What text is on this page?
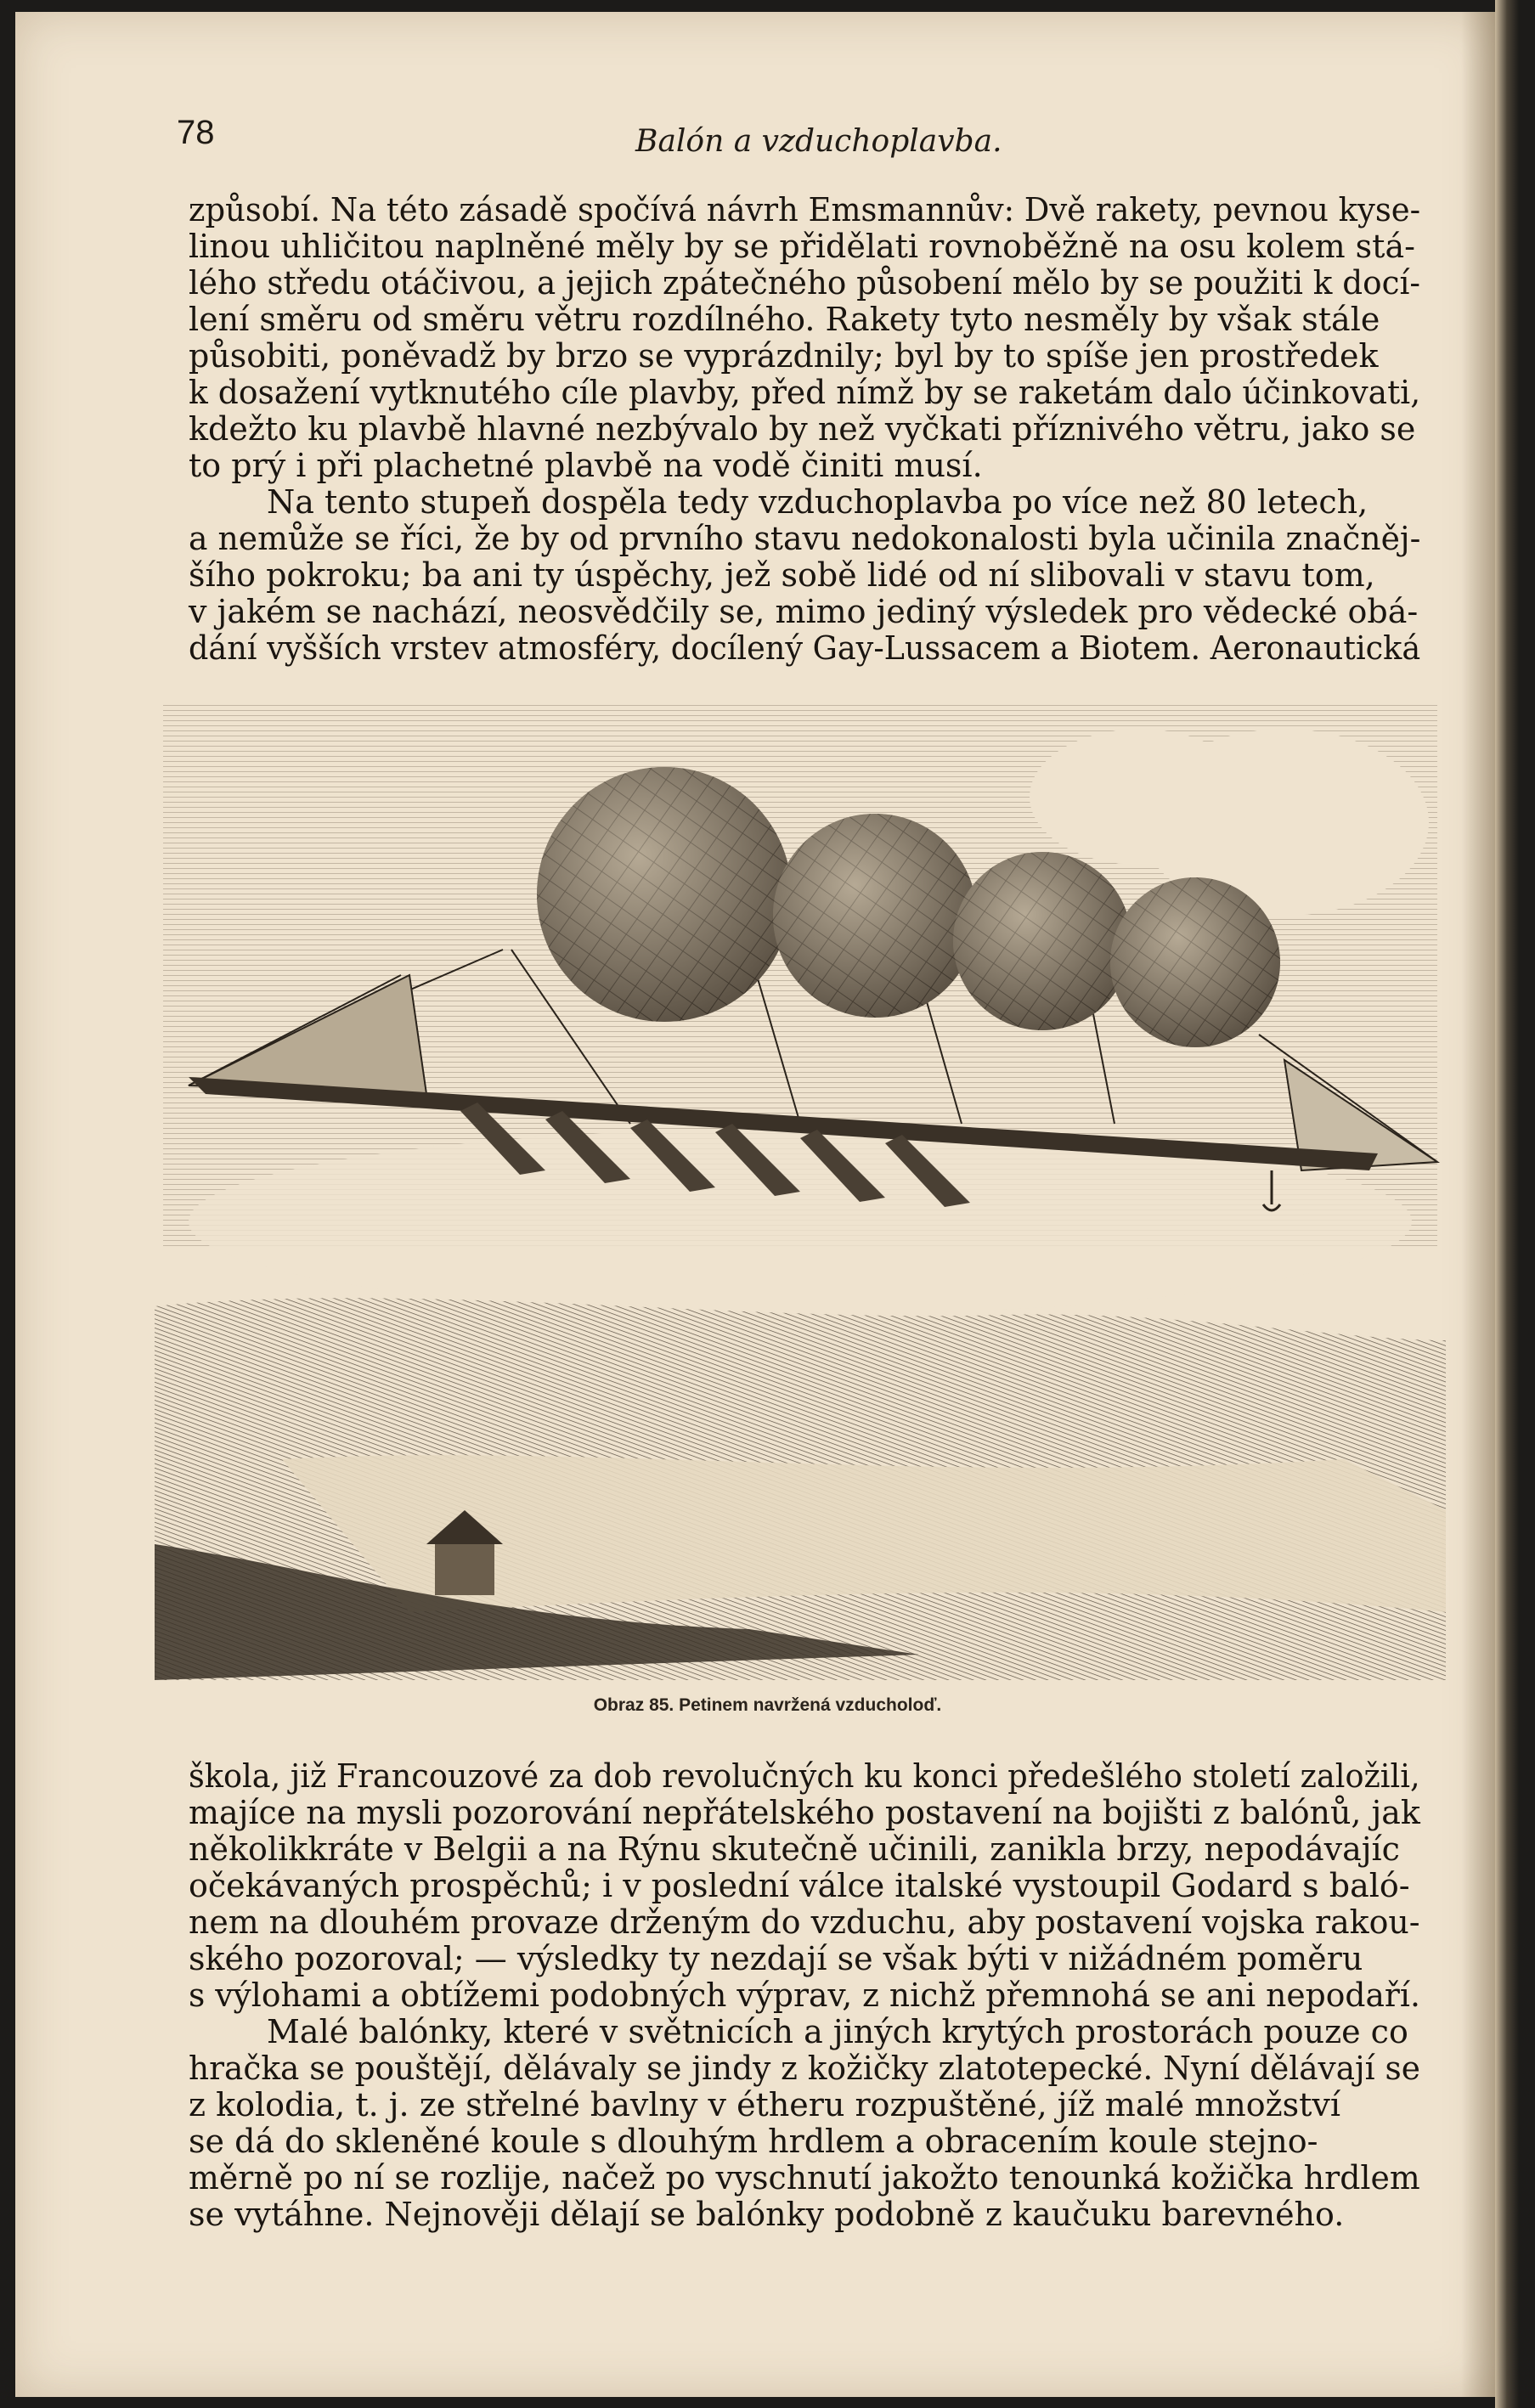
78	Balón a vzduchoplavba.
způsobí. Na této zásadě spočívá návrh Emsmannův: Dvě rakety, pevnou kyse-
linou uhličitou naplněné měly by se přidělati rovnoběžně na osu kolem stá-
lého středu otáčivou, a jejich zpátečného působení mělo by se použiti k docí-
lení směru od směru větru rozdílného. Rakety tyto nesměly by však stále
působiti, poněvadž by brzo se vyprázdnily; byl by to spíše jen prostředek
k dosažení vytknutého cíle plavby, před nímž by se raketám dalo účinkovati,
kdežto ku plavbě hlavné nezbývalo by než vyčkati příznivého větru, jako se
to prý i při plachetné plavbě na vodě činiti musí.
Na tento stupeň dospěla tedy vzduchoplavba po více než 80 letech,
a nemůže se říci, že by od prvního stavu nedokonalosti byla učinila značněj-
šího pokroku; ba ani ty úspěchy, jež sobě lidé od ní slibovali v stavu tom,
v jakém se nachází, neosvědčily se, mimo jediný výsledek pro vědecké obá-
dání vyšších vrstev atmosféry, docílený Gay-Lussacem a Biotem. Aeronautická
Obraz 85. Petinem navržená vzducholoď.
škola, již Francouzové za dob revolučných ku konci předešlého století založili,
majíce na mysli pozorování nepřátelského postavení na bojišti z balónů, jak
několikkráte v Belgii a na Rýnu skutečně učinili, zanikla brzy, nepodávajíc
očekávaných prospěchů; i v poslední válce italské vystoupil Godard s baló-
nem na dlouhém provaze drženým do vzduchu, aby postavení vojska rakou-
ského pozoroval; — výsledky ty nezdají se však býti v nižádném poměru
s výlohami a obtížemi podobných výprav, z nichž přemnohá se ani nepodaří.
Malé balónky, které v světnicích a jiných krytých prostorách pouze co
hračka se pouštějí, dělávaly se jindy z kožičky zlatotepecké. Nyní dělávají se
z kolodia, t. j. ze střelné bavlny v étheru rozpuštěné, jíž malé množství
se dá do skleněné koule s dlouhým hrdlem a obracením koule stejno-
měrně po ní se rozlije, načež po vyschnutí jakožto tenounká kožička hrdlem
se vytáhne. Nejnověji dělají se balónky podobně z kaučuku barevného.
